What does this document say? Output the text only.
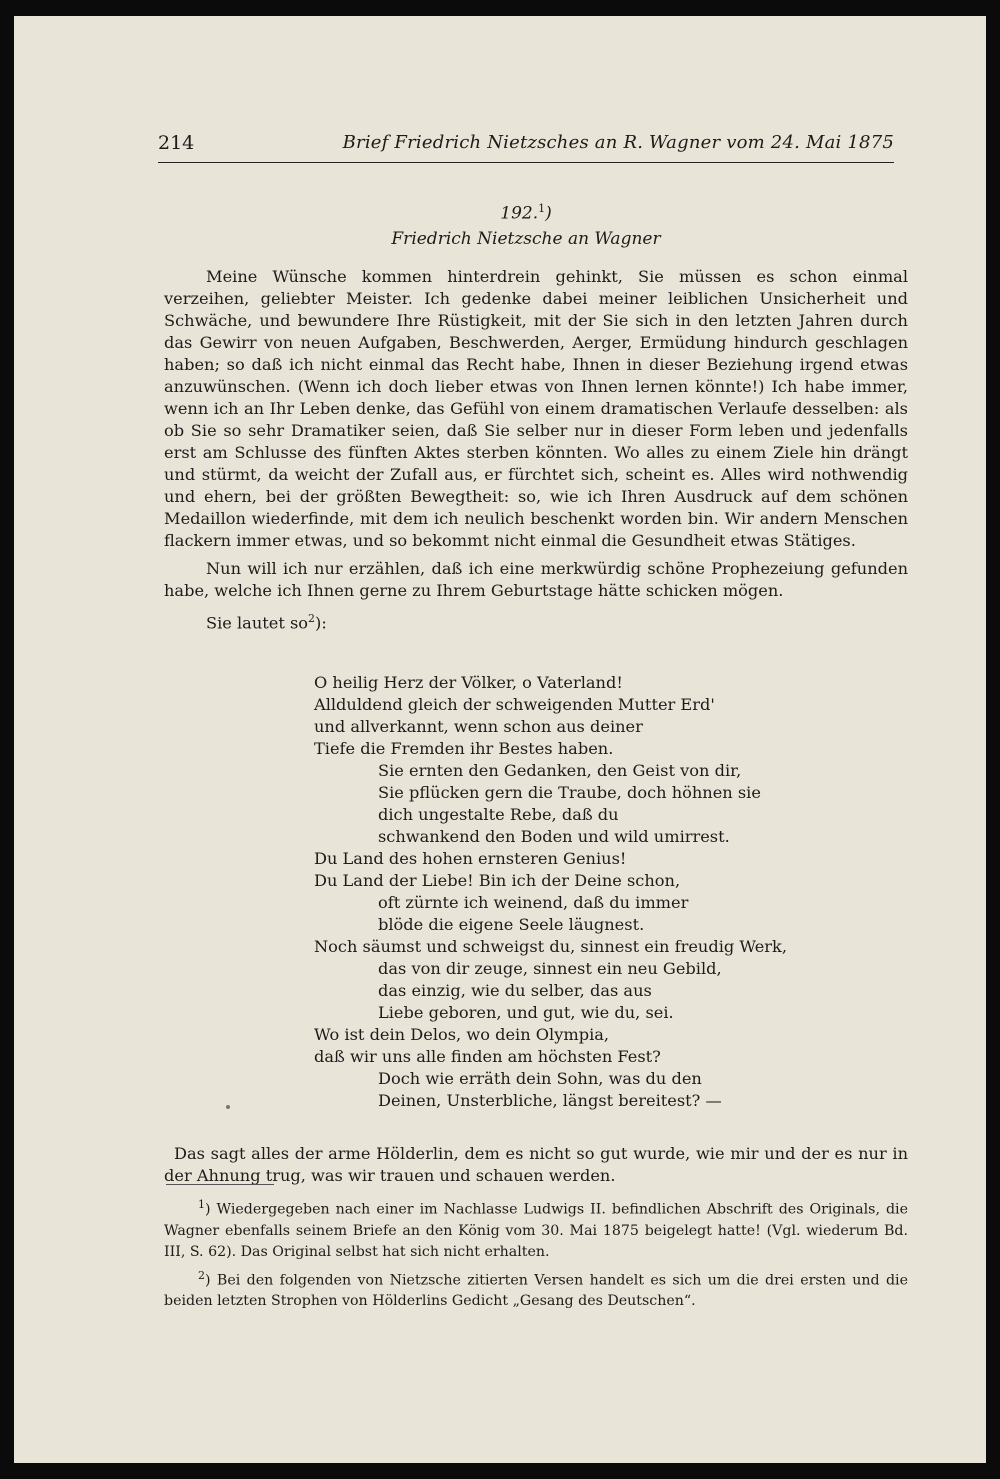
214	Brief Friedrich Nietzsches an R. Wagner vom 24. Mai 1875
192.$^1$)
Friedrich Nietzsche an Wagner

Meine Wünsche kommen hinterdrein gehinkt, Sie müssen es schon einmal verzeihen, geliebter Meister. Ich gedenke dabei meiner leiblichen Unsicherheit und Schwäche, und bewundere Ihre Rüstigkeit, mit der Sie sich in den letzten Jahren durch das Gewirr von neuen Aufgaben, Beschwerden, Aerger, Ermüdung hindurch geschlagen haben; so daß ich nicht einmal das Recht habe, Ihnen in dieser Beziehung irgend etwas anzuwünschen. (Wenn ich doch lieber etwas von Ihnen lernen könnte!) Ich habe immer, wenn ich an Ihr Leben denke, das Gefühl von einem dramatischen Verlaufe desselben: als ob Sie so sehr Dramatiker seien, daß Sie selber nur in dieser Form leben und jedenfalls erst am Schlusse des fünften Aktes sterben könnten. Wo alles zu einem Ziele hin drängt und stürmt, da weicht der Zufall aus, er fürchtet sich, scheint es. Alles wird nothwendig und ehern, bei der größten Bewegtheit: so, wie ich Ihren Ausdruck auf dem schönen Medaillon wiederfinde, mit dem ich neulich beschenkt worden bin. Wir andern Menschen flackern immer etwas, und so bekommt nicht einmal die Gesundheit etwas Stätiges.

Nun will ich nur erzählen, daß ich eine merkwürdig schöne Prophezeiung gefunden habe, welche ich Ihnen gerne zu Ihrem Geburtstage hätte schicken mögen.

Sie lautet $so^2$):

O heilig Herz der Völker, o Vaterland!
Allduldend gleich der schweigenden Mutter Erd'
und allverkannt, wenn schon aus deiner
Tiefe die Fremden ihr Bestes haben.
Sie ernten den Gedanken, den Geist von dir,
Sie pflücken gern die Traube, doch höhnen sie
dich ungestalte Rebe, daß du
schwankend den Boden und wild umirrest.
Du Land des hohen ernsteren Genius!
Du Land der Liebe! Bin ich der Deine schon,
oft zürnte ich weinend, daß du immer
blöde die eigene Seele läugnest.
Noch säumst und schweigst du, sinnest ein freudig Werk,
das von dir zeuge, sinnest ein neu Gebild,
das einzig, wie du selber, das aus
Liebe geboren, und gut, wie du, sei.
Wo ist dein Delos, wo dein Olympia,
daß wir uns alle finden am höchsten Fest?
Doch wie erräth dein Sohn, was du den
Deinen, Unsterbliche, längst bereitest? —

Das sagt alles der arme Hölderlin, dem es nicht so gut wurde, wie mir und der es nur in der Ahnung trug, was wir trauen und schauen werden.

$^1$) Wiedergegeben nach einer im Nachlasse Ludwigs II. befindlichen Abschrift des Originals, die Wagner ebenfalls seinem Briefe an den König vom 30. Mai 1875 beigelegt hatte! (Vgl. wiederum Bd. III, S. 62). Das Original selbst hat sich nicht erhalten.

$^2$) Bei den folgenden von Nietzsche zitierten Versen handelt es sich um die drei ersten und die beiden letzten Strophen von Hölderlins Gedicht „Gesang des Deutschen“.
